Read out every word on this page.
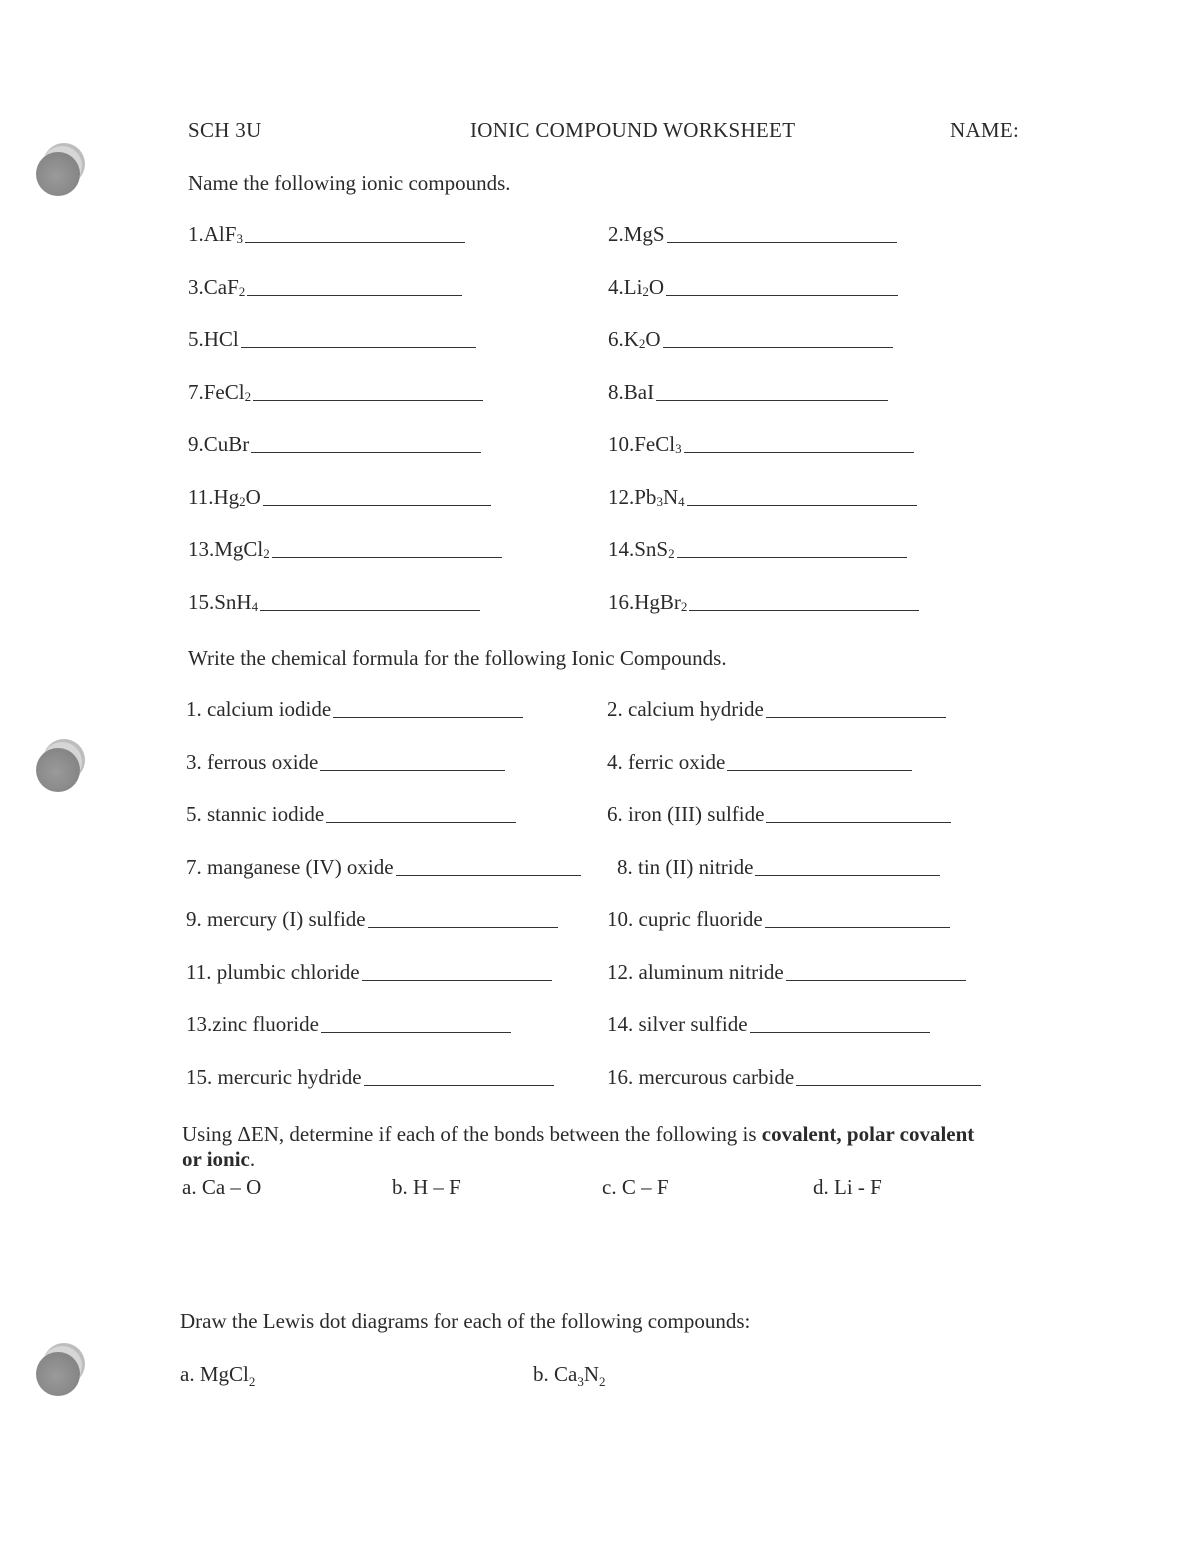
SCH 3U	IONIC COMPOUND WORKSHEET	NAME:
Name the following ionic compounds.
1. Al $F_3$	2. MgS
3. Ca $F_2$	4. $Li_2$ O
5. HCl	6. $K_2$ O
7. FeCl$_2$	8. BaI
9. CuBr	10. FeCl$_3$
11. $Hg_2$ O	12. $Pb_3$ $N_4$
13. MgCl$_2$	14. SnS$_2$
15. SnH$_4$	16. HgBr$_2$
Write the chemical formula for the following Ionic Compounds.
1. calcium iodide	2. calcium hydride
3. ferrous oxide	4. ferric oxide
5. stannic iodide	6. iron (III) sulfide
7. manganese (IV) oxide	8. tin (II) nitride
9. mercury (I) sulfide	10. cupric fluoride
11. plumbic chloride	12. aluminum nitride
13.zinc fluoride	14. silver sulfide
15. mercuric hydride	16. mercurous carbide
Using ΔEN, determine if each of the bonds between the following is covalent, polar covalent or ionic.
a. Ca – O	b. H – F	c. C – F	d. Li - F
Draw the Lewis dot diagrams for each of the following compounds:
a. MgCl$_2$	b. $Ca_3N_2$
